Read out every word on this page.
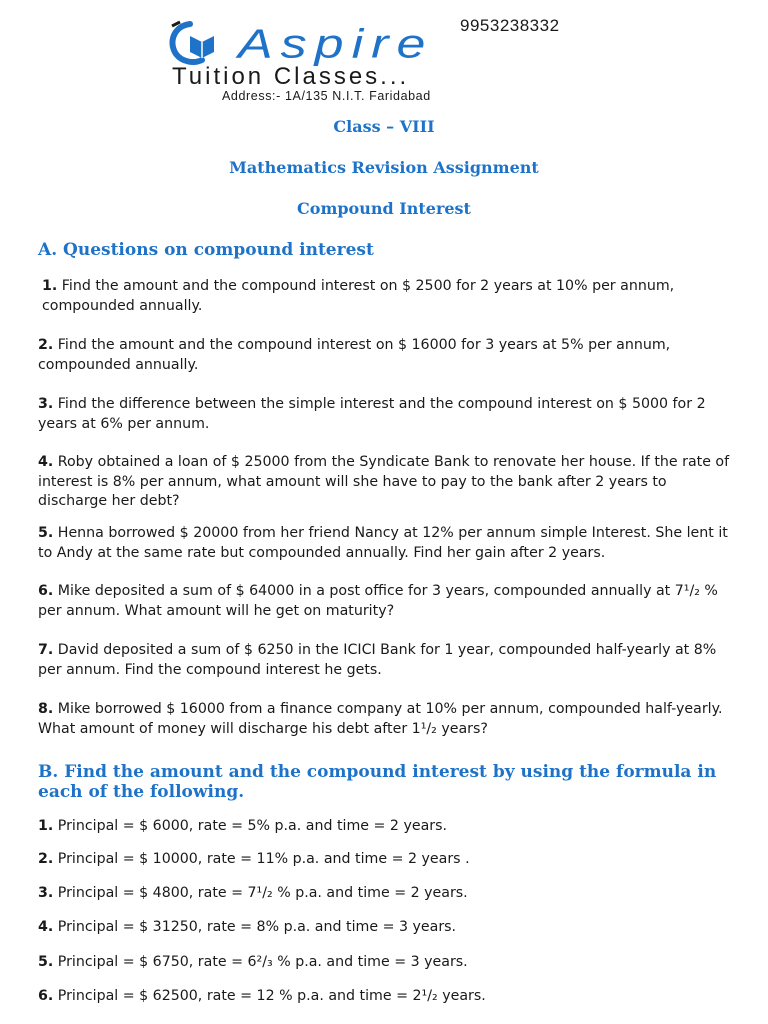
9953238332
Aspire
Tuition Classes...
Address:- 1A/135 N.I.T. Faridabad
Class – VIII
Mathematics Revision Assignment
Compound Interest
A. Questions on compound interest
1. Find the amount and the compound interest on $ 2500 for 2 years at 10% per annum, compounded annually.
2. Find the amount and the compound interest on $ 16000 for 3 years at 5% per annum, compounded annually.
3. Find the difference between the simple interest and the compound interest on $ 5000 for 2 years at 6% per annum.
4. Roby obtained a loan of $ 25000 from the Syndicate Bank to renovate her house. If the rate of interest is 8% per annum, what amount will she have to pay to the bank after 2 years to discharge her debt?
5. Henna borrowed $ 20000 from her friend Nancy at 12% per annum simple Interest. She lent it to Andy at the same rate but compounded annually. Find her gain after 2 years.
6. Mike deposited a sum of $ 64000 in a post office for 3 years, compounded annually at 7¹/₂ % per annum. What amount will he get on maturity?
7. David deposited a sum of $ 6250 in the ICICI Bank for 1 year, compounded half-yearly at 8% per annum. Find the compound interest he gets.
8. Mike borrowed $ 16000 from a finance company at 10% per annum, compounded half-yearly. What amount of money will discharge his debt after 1¹/₂ years?
B. Find the amount and the compound interest by using the formula in each of the following.
1. Principal = $ 6000, rate = 5% p.a. and time = 2 years.
2. Principal = $ 10000, rate = 11% p.a. and time = 2 years .
3. Principal = $ 4800, rate = 7¹/₂ % p.a. and time = 2 years.
4. Principal = $ 31250, rate = 8% p.a. and time = 3 years.
5. Principal = $ 6750, rate = 6²/₃ % p.a. and time = 3 years.
6. Principal = $ 62500, rate = 12 % p.a. and time = 2¹/₂ years.
